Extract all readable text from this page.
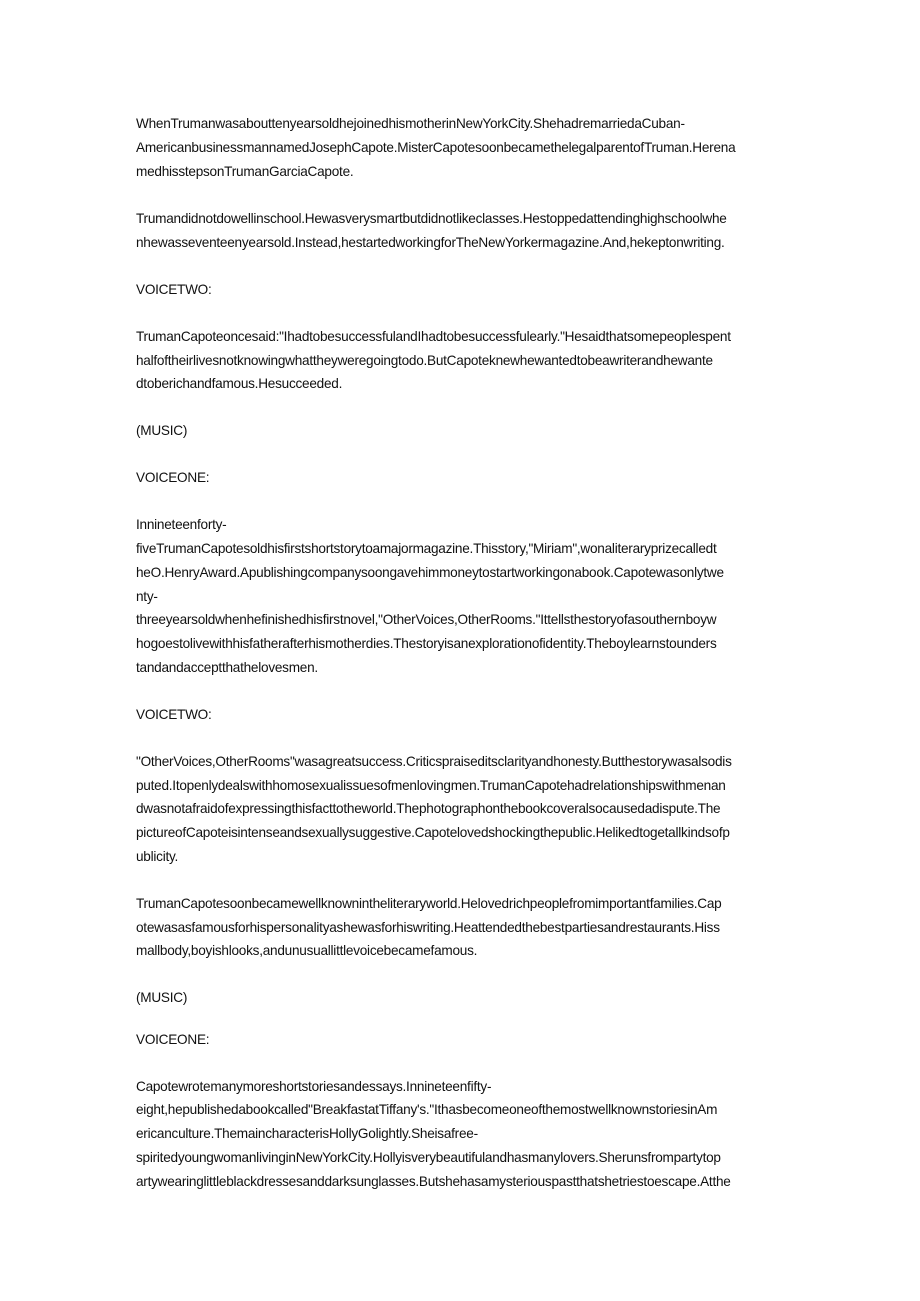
WhenTrumanwasabouttenyearsoldhejoinedhismotherinNewYorkCity.ShehadremarriedaCuban-
AmericanbusinessmannamedJosephCapote.MisterCapotesoonbecamethelegalparentofTruman.Herena
medhisstepsonTrumanGarciaCapote.
Trumandidnotdowellinschool.Hewasverysmartbutdidnotlikeclasses.Hestoppedattendinghighschoolwhe
nhewasseventeenyearsold.Instead,hestartedworkingforTheNewYorkermagazine.And,hekeptonwriting.
VOICETWO:
TrumanCapoteoncesaid:"IhadtobesuccessfulandIhadtobesuccessfulearly."Hesaidthatsomepeoplespent
halfoftheirlivesnotknowingwhattheyweregoingtodo.ButCapoteknewhewantedtobeawriterandhewante
dtoberichandfamous.Hesucceeded.
(MUSIC)
VOICEONE:
Innineteenforty-
fiveTrumanCapotesoldhisfirstshortstorytoamajormagazine.Thisstory,"Miriam",wonaliteraryprizecalledt
heO.HenryAward.Apublishingcompanysoongavehimmoneytostartworkingonabook.Capotewasonlytwe
nty-
threeyearsoldwhenhefinishedhisfirstnovel,"OtherVoices,OtherRooms."Ittellsthestoryofasouthernboyw
hogoestolivewithhisfatherafterhismotherdies.Thestoryisanexplorationofidentity.Theboylearnstounders
tandandacceptthathelovesmen.
VOICETWO:
"OtherVoices,OtherRooms"wasagreatsuccess.Criticspraiseditsclarityandhonesty.Butthestorywasalsodis
puted.Itopenlydealswithhomosexualissuesofmenlovingmen.TrumanCapotehadrelationshipswithmenan
dwasnotafraidofexpressingthisfacttotheworld.Thephotographonthebookcoveralsocausedadispute.The
pictureofCapoteisintenseandsexuallysuggestive.Capotelovedshockingthepublic.Helikedtogetallkindsofp
ublicity.
TrumanCapotesoonbecamewellknownintheliteraryworld.Helovedrichpeoplefromimportantfamilies.Cap
otewasasfamousforhispersonalityashewasforhiswriting.Heattendedthebestpartiesandrestaurants.Hiss
mallbody,boyishlooks,andunusuallittlevoicebecamefamous.
(MUSIC)
VOICEONE:
Capotewrotemanymoreshortstoriesandessays.Innineteenfifty-
eight,hepublishedabookcalled"BreakfastatTiffany's."IthasbecomeoneofthemostwellknownstoriesinAm
ericanculture.ThemaincharacterisHollyGolightly.Sheisafree-
spiritedyoungwomanlivinginNewYorkCity.Hollyisverybeautifulandhasmanylovers.Sherunsfrompartytop
artywearinglittleblackdressesanddarksunglasses.Butshehasamysteriouspastthatshetriestoescape.Atthe
